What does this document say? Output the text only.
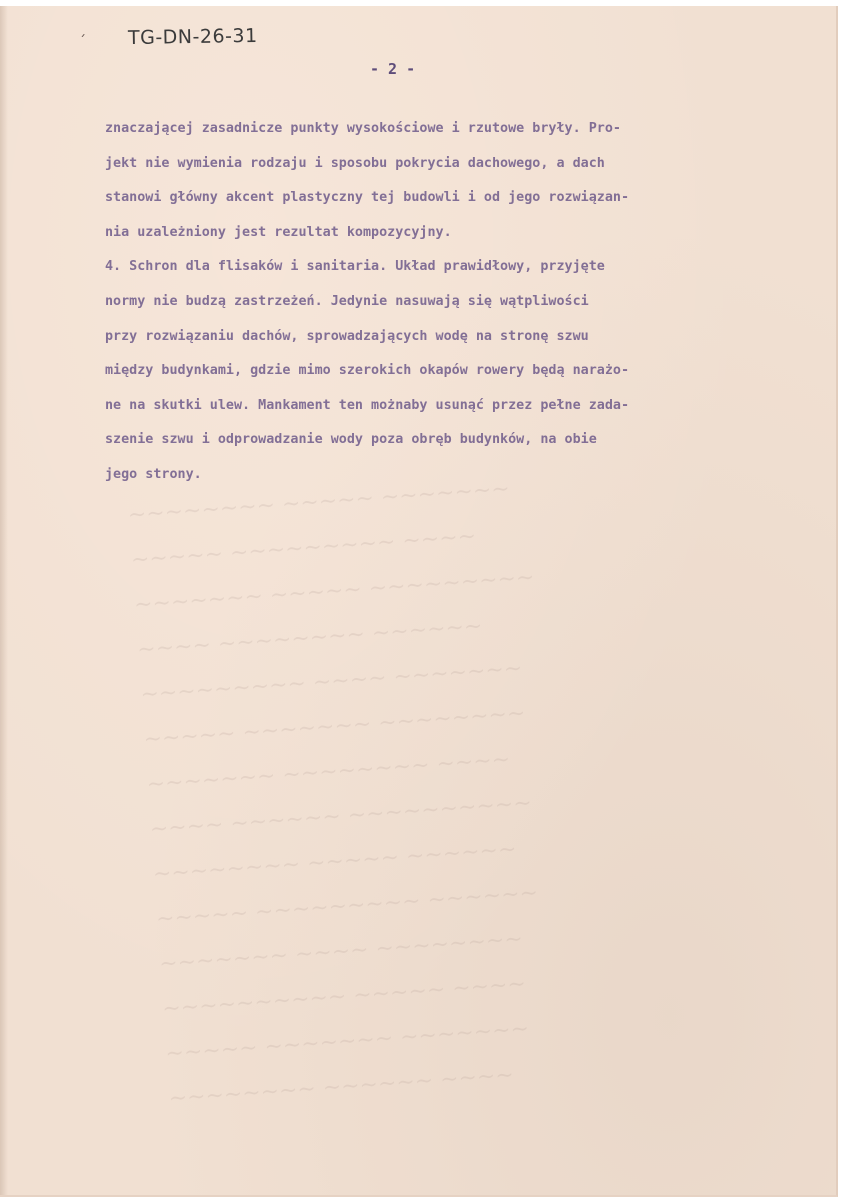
TG-DN-26-31
- 2 -
znaczającej zasadnicze punkty wysokościowe i rzutowe bryły. Pro-
jekt nie wymienia rodzaju i sposobu pokrycia dachowego, a dach
stanowi główny akcent plastyczny tej budowli i od jego rozwiązan-
nia uzależniony jest rezultat kompozycyjny.
4. Schron dla flisaków i sanitaria. Układ prawidłowy, przyjęte
normy nie budzą zastrzeżeń. Jedynie nasuwają się wątpliwości
przy rozwiązaniu dachów, sprowadzających wodę na stronę szwu
między budynkami, gdzie mimo szerokich okapów rowery będą narażo-
ne na skutki ulew. Mankament ten możnaby usunąć przez pełne zada-
szenie szwu i odprowadzanie wody poza obręb budynków, na obie
jego strony.
~~~~~~~~ ~~~~~ ~~~~~~~
~~~~~ ~~~~~~~~~ ~~~~
~~~~~~~ ~~~~~ ~~~~~~~~~
~~~~ ~~~~~~~~ ~~~~~~
~~~~~~~~~ ~~~~ ~~~~~~~
~~~~~ ~~~~~~~ ~~~~~~~~
~~~~~~~ ~~~~~~~~ ~~~~
~~~~ ~~~~~~ ~~~~~~~~~~
~~~~~~~~ ~~~~~ ~~~~~~
~~~~~ ~~~~~~~~~ ~~~~~~
~~~~~~~ ~~~~ ~~~~~~~~
~~~~~~~~~~ ~~~~~ ~~~~
~~~~~ ~~~~~~~ ~~~~~~~
~~~~~~~~ ~~~~~~ ~~~~
